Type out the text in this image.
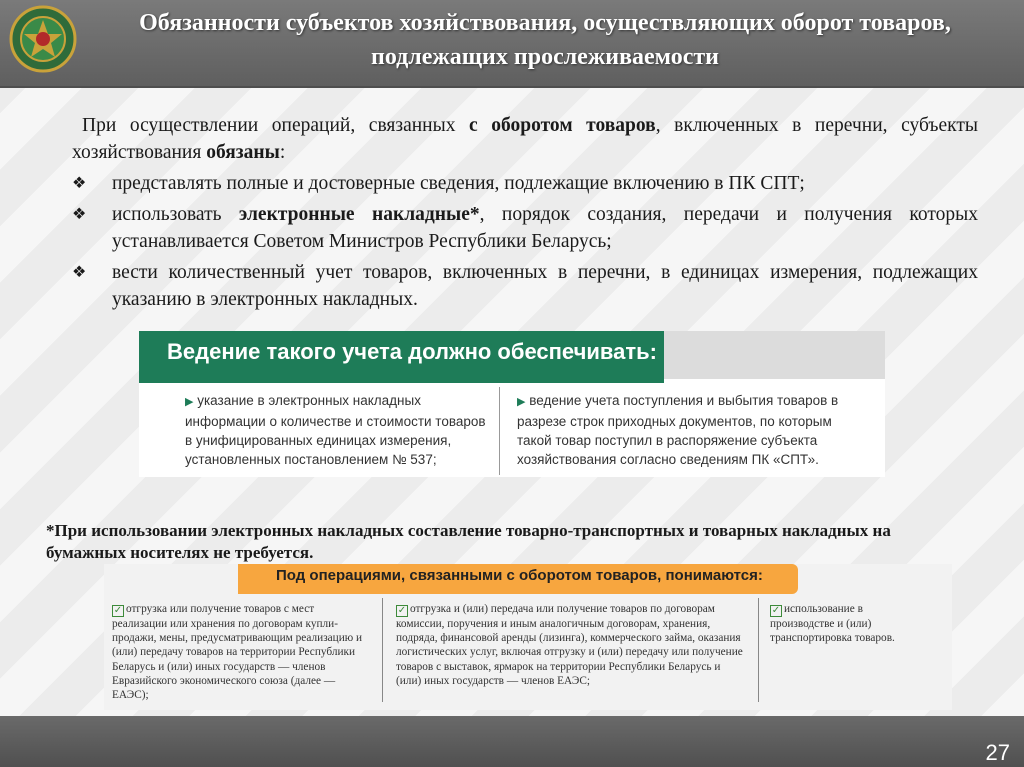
Обязанности субъектов хозяйствования, осуществляющих оборот товаров, подлежащих прослеживаемости

При осуществлении операций, связанных с оборотом товаров, включенных в перечни, субъекты хозяйствования обязаны:

❖ представлять полные и достоверные сведения, подлежащие включению в ПК СПТ;

❖ использовать электронные накладные*, порядок создания, передачи и получения которых устанавливается Советом Министров Республики Беларусь;

❖ вести количественный учет товаров, включенных в перечни, в единицах измерения, подлежащих указанию в электронных накладных.

Ведение такого учета должно обеспечивать:
▶ указание в электронных накладных информации о количестве и стоимости товаров в унифицированных единицах измерения, установленных постановлением № 537;
▶ ведение учета поступления и выбытия товаров в разрезе строк приходных документов, по которым такой товар поступил в распоряжение субъекта хозяйствования согласно сведениям ПК «СПТ».
*При использовании электронных накладных составление товарно-транспортных и товарных накладных на бумажных носителях не требуется.
Под операциями, связанными с оборотом товаров, понимаются:
✓ отгрузка или получение товаров с мест реализации или хранения по договорам купли-продажи, мены, предусматривающим реализацию и (или) передачу товаров на территории Республики Беларусь и (или) иных государств — членов Евразийского экономического союза (далее — ЕАЭС);
✓ отгрузка и (или) передача или получение товаров по договорам комиссии, поручения и иным аналогичным договорам, хранения, подряда, финансовой аренды (лизинга), коммерческого займа, оказания логистических услуг, включая отгрузку и (или) передачу или получение товаров с выставок, ярмарок на территории Республики Беларусь и (или) иных государств — членов ЕАЭС;
✓ использование в производстве и (или) транспортировка товаров.
27
